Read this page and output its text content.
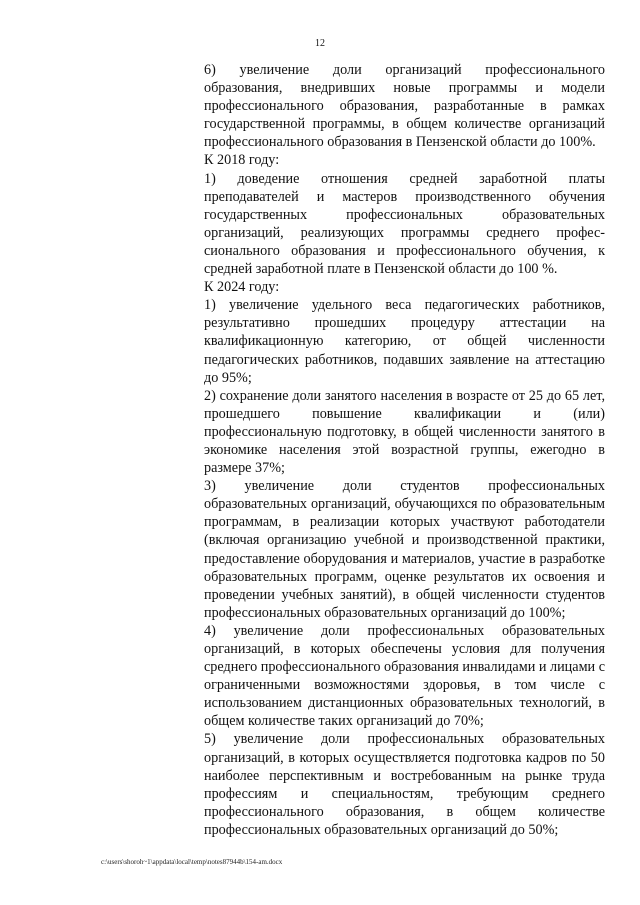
12

6) увеличение доли организаций профессионального образования, внедривших новые программы и модели профессионального образования, разработанные в рамках государственной программы, в общем количестве организаций профессионального образования в Пензенской области до 100%.

К 2018 году:

1) доведение отношения средней заработной платы преподавателей и мастеров производственного обучения государственных профессиональных образовательных организаций, реализующих программы среднего профессионального образования и профессионального обучения, к средней заработной плате в Пензенской области до 100 %.

К 2024 году:

1) увеличение удельного веса педагогических работников, результативно прошедших процедуру аттестации на квалификационную категорию, от общей численности педагогических работников, подавших заявление на аттестацию до 95%;

2) сохранение доли занятого населения в возрасте от 25 до 65 лет, прошедшего повышение квалификации и (или) профессиональную подготовку, в общей численности занятого в экономике населения этой возрастной группы, ежегодно в размере 37%;

3) увеличение доли студентов профессиональных образовательных организаций, обучающихся по образовательным программам, в реализации которых участвуют работодатели (включая организацию учебной и производственной практики, предоставление оборудования и материалов, участие в разработке образовательных программ, оценке результатов их освоения и проведении учебных занятий), в общей численности студентов профессиональных образовательных организаций до 100%;

4) увеличение доли профессиональных образовательных организаций, в которых обеспечены условия для получения среднего профессионального образования инвалидами и лицами с ограниченными возможностями здоровья, в том числе с использованием дистанционных образовательных технологий, в общем количестве таких организаций до 70%;

5) увеличение доли профессиональных образовательных организаций, в которых осуществляется подготовка кадров по 50 наиболее перспективным и востребованным на рынке труда профессиям и специальностям, требующим среднего профессионального образования, в общем количестве профессиональных образовательных организаций до 50%;

c:\users\shoroh~1\appdata\local\temp\notes87944b\154-am.docx
